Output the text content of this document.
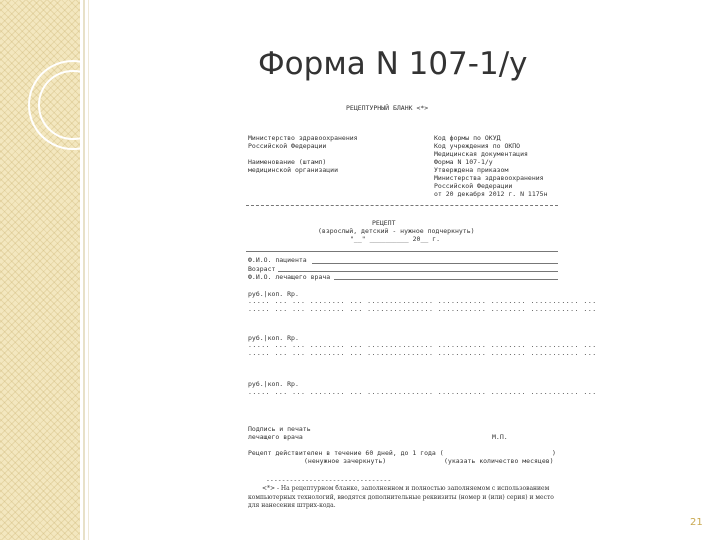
Форма N 107-1/у
РЕЦЕПТУРНЫЙ БЛАНК <*>
Министерство здравоохранения
Российской Федерации

Наименование (штамп)
медицинской организации
Код формы по ОКУД
Код учреждения по ОКПО
Медицинская документация
Форма N 107-1/у
Утверждена приказом
Министерства здравоохранения
Российской Федерации
от 20 декабря 2012 г. N 1175н
РЕЦЕПТ
(взрослый, детский - нужное подчеркнуть)
"__" __________ 20__ г.
Ф.И.О. пациента
Возраст
Ф.И.О. лечащего врача
руб.|коп. Rp.
..... ... ... ........ ... ............... ........... ........ ........... ...
..... ... ... ........ ... ............... ........... ........ ........... ...
руб.|коп. Rp.
..... ... ... ........ ... ............... ........... ........ ........... ...
..... ... ... ........ ... ............... ........... ........ ........... ...
руб.|коп. Rp.
..... ... ... ........ ... ............... ........... ........ ........... ...
Подпись и печать
лечащего врача	М.П.
Рецепт действителен в течение 60 дней, до 1 года (	)
(ненужное зачеркнуть)	(указать количество месяцев)
--------------------------------
<*> - На рецептурном бланке, заполненном и полностью заполняемом с использованием компьютерных технологий, вводятся дополнительные реквизиты (номер и (или) серия) и место для нанесения штрих-кода.
21
